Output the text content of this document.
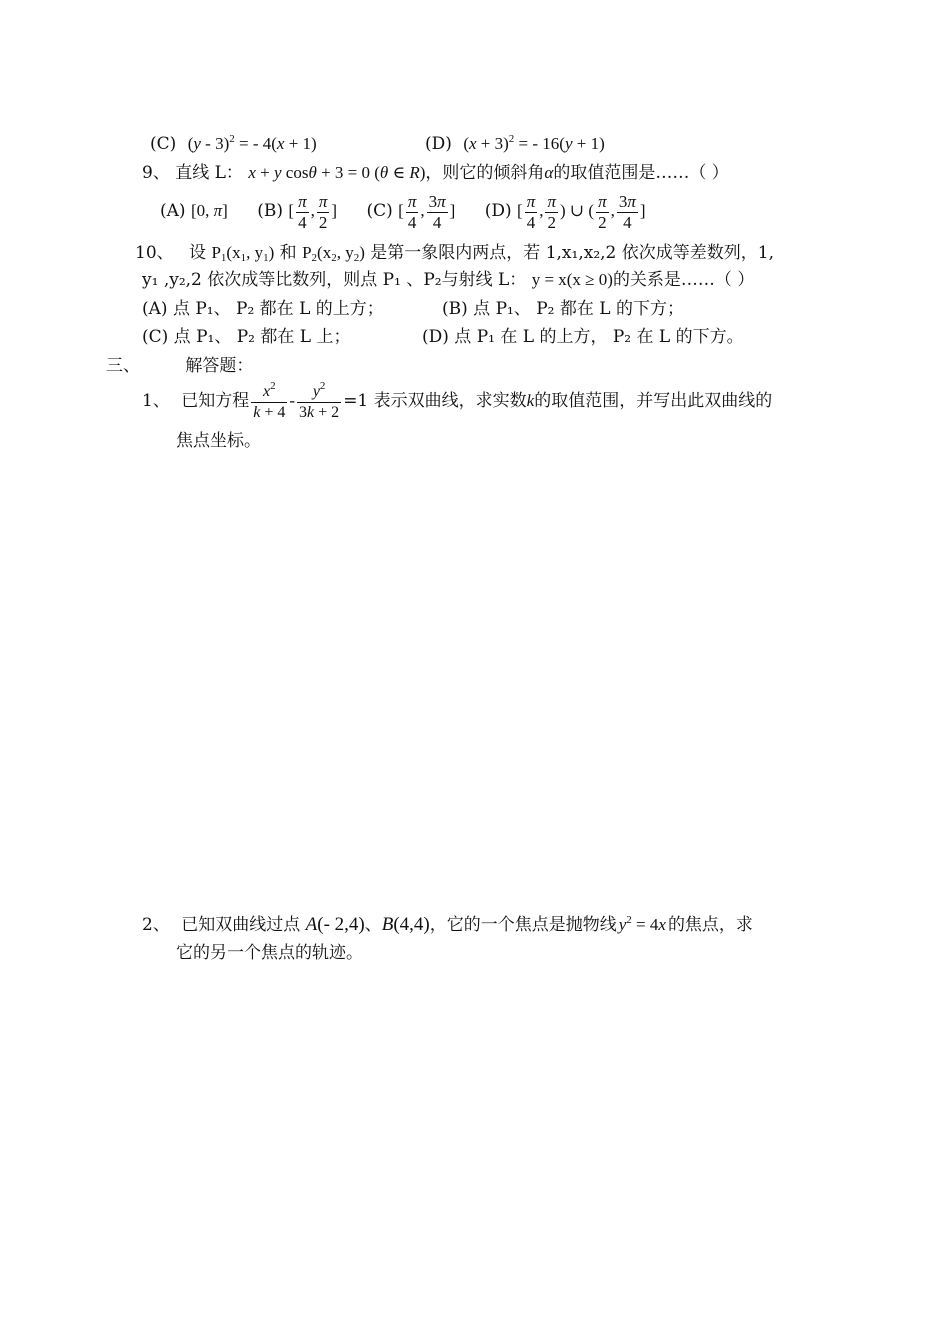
(C) (y - 3)$^2$ = - 4(x + 1)	(D) $(x + 3)^2$ = - 16(y + 1)
9、 直线 L： x + y cosθ + 3 = 0 (θ ∈ R)，则它的倾斜角α的取值范围是……（ ）
(A) [0, π] (B) [ $\frac{\pi}{4}$ , $\frac{\pi}{2}$ ] (C) [ $\frac{\pi}{4}$ , $\frac{3\pi}{4}$ ] (D) [ $\frac{\pi}{4}$ , $\frac{\pi}{2}$ ) ∪ ( $\frac{\pi}{2}$ , $\frac{3\pi}{4}$ ]
10、 设 $P_1(x_1$, $y_1$) 和 $P_2(x_2$, $y_2$) 是第一象限内两点，若 1,x₁,x₂,2 依次成等差数列，1,
y₁ ,y₂,2 依次成等比数列，则点 P₁ 、P₂与射线 L： y = x(x ≥ 0)的关系是……（ ）
(A) 点 P₁、 P₂ 都在 L 的上方；	(B) 点 P₁、 P₂ 都在 L 的下方；
(C) 点 P₁、 P₂ 都在 L 上；	(D) 点 P₁ 在 L 的上方， P₂ 在 L 的下方。
三、	解答题：
1、 已知方程 $\frac{x^2}{k + 4} - \frac{y^2}{3k + 2} =1$ 表示双曲线，求实数k的取值范围，并写出此双曲线的
焦点坐标。
2、 已知双曲线过点 A(- 2,4)、B(4,4)，它的一个焦点是抛物线 $y^2 = 4x$ 的焦点，求
它的另一个焦点的轨迹。
